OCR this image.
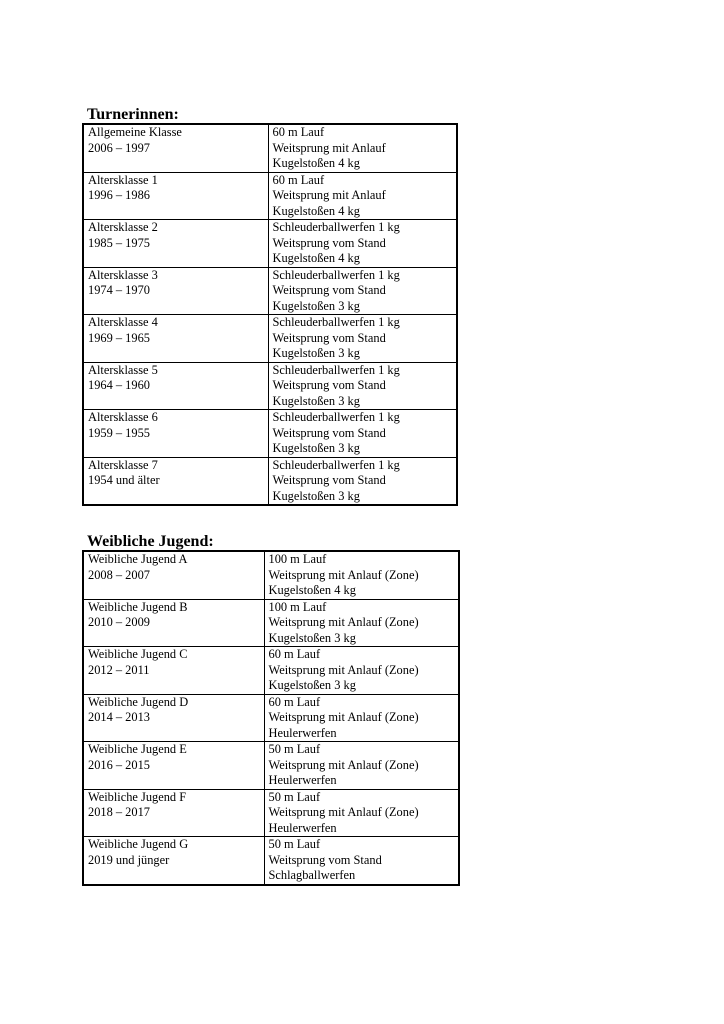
Turnerinnen:
Allgemeine Klasse
2006 – 1997	60 m Lauf
Weitsprung mit Anlauf
Kugelstoßen 4 kg

Altersklasse 1
1996 – 1986	60 m Lauf
Weitsprung mit Anlauf
Kugelstoßen 4 kg

Altersklasse 2
1985 – 1975	Schleuderballwerfen 1 kg
Weitsprung vom Stand
Kugelstoßen 4 kg

Altersklasse 3
1974 – 1970	Schleuderballwerfen 1 kg
Weitsprung vom Stand
Kugelstoßen 3 kg

Altersklasse 4
1969 – 1965	Schleuderballwerfen 1 kg
Weitsprung vom Stand
Kugelstoßen 3 kg

Altersklasse 5
1964 – 1960	Schleuderballwerfen 1 kg
Weitsprung vom Stand
Kugelstoßen 3 kg

Altersklasse 6
1959 – 1955	Schleuderballwerfen 1 kg
Weitsprung vom Stand
Kugelstoßen 3 kg

Altersklasse 7
1954 und älter	Schleuderballwerfen 1 kg
Weitsprung vom Stand
Kugelstoßen 3 kg
Weibliche Jugend:
Weibliche Jugend A
2008 – 2007	100 m Lauf
Weitsprung mit Anlauf (Zone)
Kugelstoßen 4 kg

Weibliche Jugend B
2010 – 2009	100 m Lauf
Weitsprung mit Anlauf (Zone)
Kugelstoßen 3 kg

Weibliche Jugend C
2012 – 2011	60 m Lauf
Weitsprung mit Anlauf (Zone)
Kugelstoßen 3 kg

Weibliche Jugend D
2014 – 2013	60 m Lauf
Weitsprung mit Anlauf (Zone)
Heulerwerfen

Weibliche Jugend E
2016 – 2015	50 m Lauf
Weitsprung mit Anlauf (Zone)
Heulerwerfen

Weibliche Jugend F
2018 – 2017	50 m Lauf
Weitsprung mit Anlauf (Zone)
Heulerwerfen

Weibliche Jugend G
2019 und jünger	50 m Lauf
Weitsprung vom Stand
Schlagballwerfen
